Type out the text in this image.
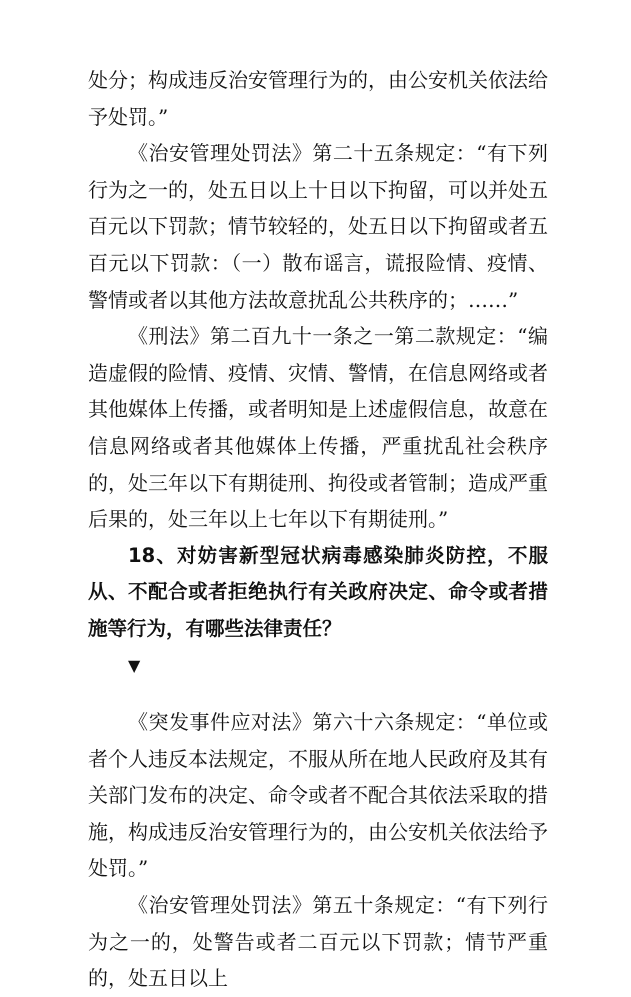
处分；构成违反治安管理行为的，由公安机关依法给予处罚。”

《治安管理处罚法》第二十五条规定：“有下列行为之一的，处五日以上十日以下拘留，可以并处五百元以下罚款；情节较轻的，处五日以下拘留或者五百元以下罚款：（一）散布谣言，谎报险情、疫情、警情或者以其他方法故意扰乱公共秩序的；……”

《刑法》第二百九十一条之一第二款规定：“编造虚假的险情、疫情、灾情、警情，在信息网络或者其他媒体上传播，或者明知是上述虚假信息，故意在信息网络或者其他媒体上传播，严重扰乱社会秩序的，处三年以下有期徒刑、拘役或者管制；造成严重后果的，处三年以上七年以下有期徒刑。”

18、对妨害新型冠状病毒感染肺炎防控，不服从、不配合或者拒绝执行有关政府决定、命令或者措施等行为，有哪些法律责任？

▼

《突发事件应对法》第六十六条规定：“单位或者个人违反本法规定，不服从所在地人民政府及其有关部门发布的决定、命令或者不配合其依法采取的措施，构成违反治安管理行为的，由公安机关依法给予处罚。”

《治安管理处罚法》第五十条规定：“有下列行为之一的，处警告或者二百元以下罚款；情节严重的，处五日以上
